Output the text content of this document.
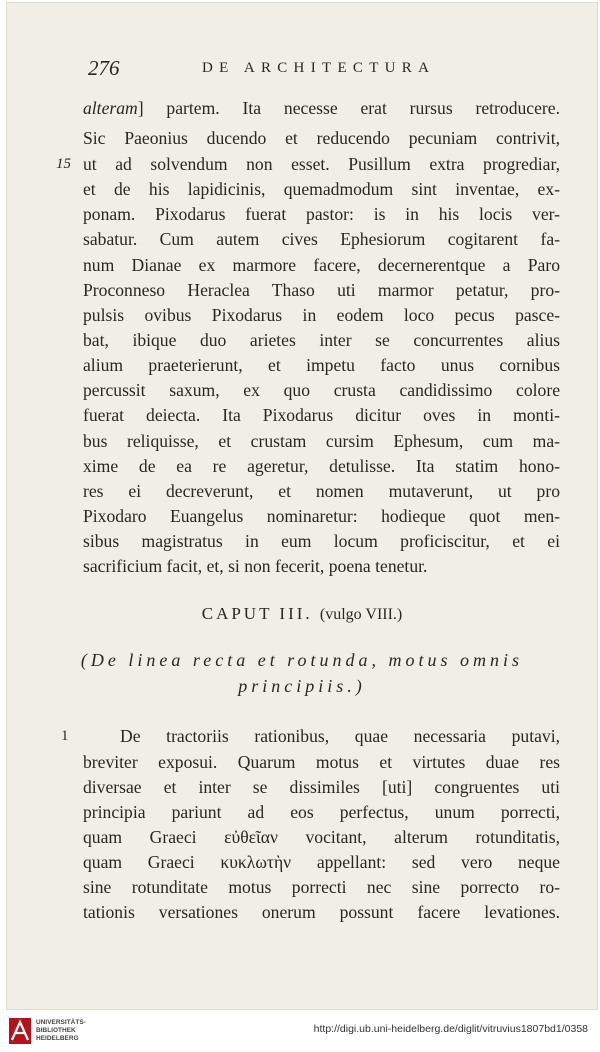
276	DE ARCHITECTURA
alteram] partem. Ita necesse erat rursus retroducere.
Sic Paeonius ducendo et reducendo pecuniam contrivit,
15 ut ad solvendum non esset. Pusillum extra progrediar,
et de his lapidicinis, quemadmodum sint inventae, ex-
ponam. Pixodarus fuerat pastor: is in his locis ver-
sabatur. Cum autem cives Ephesiorum cogitarent fa-
num Dianae ex marmore facere, decernerentque a Paro
Proconneso Heraclea Thaso uti marmor petatur, pro-
pulsis ovibus Pixodarus in eodem loco pecus pasce-
bat, ibique duo arietes inter se concurrentes alius
alium praeterierunt, et impetu facto unus cornibus
percussit saxum, ex quo crusta candidissimo colore
fuerat deiecta. Ita Pixodarus dicitur oves in monti-
bus reliquisse, et crustam cursim Ephesum, cum ma-
xime de ea re ageretur, detulisse. Ita statim hono-
res ei decreverunt, et nomen mutaverunt, ut pro
Pixodaro Euangelus nominaretur: hodieque quot men-
sibus magistratus in eum locum proficiscitur, et ei
sacrificium facit, et, si non fecerit, poena tenetur.
CAPUT III. (vulgo VIII.)
(De linea recta et rotunda, motus omnis
principiis.)
1	De tractoriis rationibus, quae necessaria putavi,
breviter exposui. Quarum motus et virtutes duae res
diversae et inter se dissimiles [uti] congruentes uti
principia pariunt ad eos perfectus, unum porrecti,
quam Graeci εὐθεῖαν vocitant, alterum rotunditatis,
quam Graeci κυκλωτὴν appellant: sed vero neque
sine rotunditate motus porrecti nec sine porrecto ro-
tationis versationes onerum possunt facere levationes.
UNIVERSITÄTS-
BIBLIOTHEK
HEIDELBERG
http://digi.ub.uni-heidelberg.de/diglit/vitruvius1807bd1/0358
